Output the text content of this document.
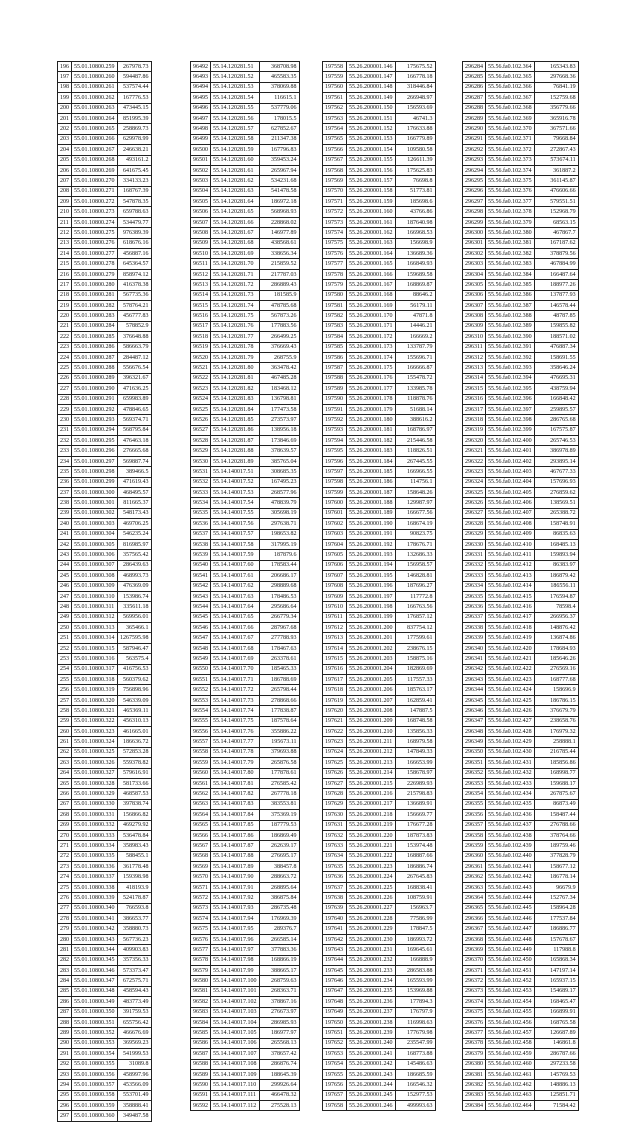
196	55.01.10800.259	267978.73
197	55.01.10800.260	594487.86
198	55.01.10800.261	537574.44
199	55.01.10800.262	167776.53
200	55.01.10800.263	473445.15
201	55.01.10800.264	851995.39
202	55.01.10800.265	258869.73
203	55.01.10800.266	629978.99
204	55.01.10800.267	246638.21
205	55.01.10800.268	493161.2
206	55.01.10800.269	641675.45
207	55.01.10800.270	334133.23
208	55.01.10800.271	168767.39
209	55.01.10800.272	547878.35
210	55.01.10800.273	659788.63
211	55.01.10800.274	534479.77
212	55.01.10800.275	976389.39
213	55.01.10800.276	618676.16
214	55.01.10800.277	456887.16
215	55.01.10800.278	645364.57
216	55.01.10800.279	858974.12
217	55.01.10800.280	416378.38
218	55.01.10800.281	567735.36
219	55.01.10800.282	578764.21
220	55.01.10800.283	456777.83
221	55.01.10800.284	578852.9
222	55.01.10800.285	376648.88
223	55.01.10800.286	586663.79
224	55.01.10800.287	284487.12
225	55.01.10800.288	556676.54
226	55.01.10800.289	396321.67
227	55.01.10800.290	471636.25
228	55.01.10800.291	659983.89
229	55.01.10800.292	478846.65
230	55.01.10800.293	569374.71
231	55.01.10800.294	568795.84
232	55.01.10800.295	476463.18
233	55.01.10800.296	276665.68
234	55.01.10800.297	569887.74
235	55.01.10800.298	389466.5
236	55.01.10800.299	471619.43
237	55.01.10800.300	468495.57
238	55.01.10800.301	811665.37
239	55.01.10800.302	548173.43
240	55.01.10800.303	469706.25
241	55.01.10800.304	546235.24
242	55.01.10800.305	816985.97
243	55.01.10800.306	357565.42
244	55.01.10800.307	286439.63
245	55.01.10800.308	468993.73
246	55.01.10800.309	476369.09
247	55.01.10800.310	153986.74
248	55.01.10800.311	335611.18
249	55.01.10800.312	569956.01
250	55.01.10800.313	365466.1
251	55.01.10800.314	1267595.98
252	55.01.10800.315	587946.47
253	55.01.10800.316	563575.4
254	55.01.10800.317	416756.53
255	55.01.10800.318	560379.62
256	55.01.10800.319	756898.96
257	55.01.10800.320	546339.09
258	55.01.10800.321	465369.11
259	55.01.10800.322	456310.13
260	55.01.10800.323	461665.01
261	55.01.10800.324	186636.72
262	55.01.10800.325	572853.28
263	55.01.10800.326	559378.82
264	55.01.10800.327	579616.91
265	55.01.10800.328	581733.66
266	55.01.10800.329	468587.53
267	55.01.10800.330	397838.74
268	55.01.10800.331	156866.82
269	55.01.10800.332	469279.92
270	55.01.10800.333	536478.84
271	55.01.10800.334	358983.43
272	55.01.10800.335	588455.1
273	55.01.10800.336	361778.48
274	55.01.10800.337	159398.98
275	55.01.10800.338	418193.9
276	55.01.10800.339	524178.87
277	55.01.10800.340	766593.8
278	55.01.10800.341	386653.77
279	55.01.10800.342	358880.73
280	55.01.10800.343	567736.23
281	55.01.10800.344	409903.83
282	55.01.10800.345	357356.33
283	55.01.10800.346	573373.47
284	55.01.10800.347	672575.71
285	55.01.10800.348	458594.43
286	55.01.10800.349	483773.49
287	55.01.10800.350	391759.53
288	55.01.10800.351	655756.42
289	55.01.10800.352	466676.69
290	55.01.10800.353	369569.23
291	55.01.10800.354	541999.53
292	55.01.10800.355	31089.8
293	55.01.10800.356	458997.96
294	55.01.10800.357	453566.09
295	55.01.10800.358	553701.49
296	55.01.10800.359	358888.41
297	55.01.10800.360	349487.58
96492	55.14.120281.51	368708.98
96493	55.14.120281.52	465583.35
96494	55.14.120281.53	378069.88
96495	55.14.120281.54	116615.1
96496	55.14.120281.55	537779.06
96497	55.14.120281.56	178015.5
96498	55.14.120281.57	627852.67
96499	55.14.120281.58	211347.38
96500	55.14.120281.59	167796.83
96501	55.14.120281.60	359453.24
96502	55.14.120281.61	265967.94
96503	55.14.120281.62	534231.68
96504	55.14.120281.63	541478.58
96505	55.14.120281.64	186972.18
96506	55.14.120281.65	568968.93
96507	55.14.120281.66	228868.02
96508	55.14.120281.67	146977.89
96509	55.14.120281.68	438568.61
96510	55.14.120281.69	338656.34
96511	55.14.120281.70	215859.52
96512	55.14.120281.71	217787.03
96513	55.14.120281.72	286889.43
96514	55.14.120281.73	181585.9
96515	55.14.120281.74	478785.68
96516	55.14.120281.75	567873.26
96517	55.14.120281.76	177883.56
96518	55.14.120281.77	266499.25
96519	55.14.120281.78	376669.43
96520	55.14.120281.79	268755.9
96521	55.14.120281.80	363478.42
96522	55.14.120281.81	467485.28
96523	55.14.120281.82	183468.12
96524	55.14.120281.83	136798.81
96525	55.14.120281.84	177473.58
96526	55.14.120281.85	273573.97
96527	55.14.120281.86	138956.18
96528	55.14.120281.87	173846.69
96529	55.14.120281.88	378639.57
96530	55.14.120281.89	385765.04
96531	55.14.140017.51	308685.35
96532	55.14.140017.52	167495.23
96533	55.14.140017.53	268577.96
96534	55.14.140017.54	478839.79
96535	55.14.140017.55	305698.19
96536	55.14.140017.56	297638.71
96537	55.14.140017.57	198653.82
96538	55.14.140017.58	317995.19
96539	55.14.140017.59	187879.6
96540	55.14.140017.60	178583.44
96541	55.14.140017.61	206686.17
96542	55.14.140017.62	298889.68
96543	55.14.140017.63	178486.53
96544	55.14.140017.64	295686.64
96545	55.14.140017.65	266779.34
96546	55.14.140017.66	287967.68
96547	55.14.140017.67	277788.93
96548	55.14.140017.68	178467.63
96549	55.14.140017.69	263378.61
96550	55.14.140017.70	185465.33
96551	55.14.140017.71	186788.69
96552	55.14.140017.72	265798.44
96553	55.14.140017.73	278868.66
96554	55.14.140017.74	177838.87
96555	55.14.140017.75	187578.64
96556	55.14.140017.76	355886.22
96557	55.14.140017.77	195673.11
96558	55.14.140017.78	379693.88
96559	55.14.140017.79	265876.58
96560	55.14.140017.80	177878.61
96561	55.14.140017.81	276585.42
96562	55.14.140017.82	267778.18
96563	55.14.140017.83	383553.81
96564	55.14.140017.84	375369.19
96565	55.14.140017.85	187779.53
96566	55.14.140017.86	186869.49
96567	55.14.140017.87	262639.17
96568	55.14.140017.88	276695.17
96569	55.14.140017.89	388457.8
96570	55.14.140017.90	288663.72
96571	55.14.140017.91	268895.64
96572	55.14.140017.92	386875.84
96573	55.14.140017.93	286735.48
96574	55.14.140017.94	176969.39
96575	55.14.140017.95	289376.7
96576	55.14.140017.96	266585.14
96577	55.14.140017.97	377883.36
96578	55.14.140017.98	168866.19
96579	55.14.140017.99	388665.17
96580	55.14.140017.100	268759.63
96581	55.14.140017.101	268363.71
96582	55.14.140017.102	378867.16
96583	55.14.140017.103	276673.97
96584	55.14.140017.104	286985.93
96585	55.14.140017.105	186977.97
96586	55.14.140017.106	265568.13
96587	55.14.140017.107	378657.42
96588	55.14.140017.108	286876.74
96589	55.14.140017.109	188645.39
96590	55.14.140017.110	299926.64
96591	55.14.140017.111	466478.32
96592	55.14.140017.112	275528.13
197558	55.26.200001.146	175675.52
197559	55.26.200001.147	166778.18
197560	55.26.200001.148	318446.84
197561	55.26.200001.149	266948.97
197562	55.26.200001.150	156593.69
197563	55.26.200001.151	46741.3
197564	55.26.200001.152	176633.88
197565	55.26.200001.153	166779.89
197566	55.26.200001.154	109580.58
197567	55.26.200001.155	126611.39
197568	55.26.200001.156	175625.83
197569	55.26.200001.157	76698.8
197570	55.26.200001.158	51773.81
197571	55.26.200001.159	185698.6
197572	55.26.200001.160	43766.86
197573	55.26.200001.161	187640.98
197574	55.26.200001.162	166968.53
197575	55.26.200001.163	156698.9
197576	55.26.200001.164	136689.36
197577	55.26.200001.165	166849.93
197578	55.26.200001.166	159689.58
197579	55.26.200001.167	168869.87
197580	55.26.200001.168	88646.2
197581	55.26.200001.169	56179.11
197582	55.26.200001.170	47871.8
197583	55.26.200001.171	14446.21
197584	55.26.200001.172	166669.2
197585	55.26.200001.173	133787.79
197586	55.26.200001.174	155696.71
197587	55.26.200001.175	166666.87
197588	55.26.200001.176	155478.72
197589	55.26.200001.177	133985.78
197590	55.26.200001.178	118878.76
197591	55.26.200001.179	51688.14
197592	55.26.200001.180	388616.2
197593	55.26.200001.181	168786.97
197594	55.26.200001.182	215446.58
197595	55.26.200001.183	118826.51
197596	55.26.200001.184	267445.55
197597	55.26.200001.185	166966.55
197598	55.26.200001.186	114756.1
197599	55.26.200001.187	158648.26
197600	55.26.200001.188	129987.97
197601	55.26.200001.189	166677.56
197602	55.26.200001.190	168674.19
197603	55.26.200001.191	90823.75
197604	55.26.200001.192	178676.71
197605	55.26.200001.193	132686.33
197606	55.26.200001.194	156958.57
197607	55.26.200001.195	146828.81
197608	55.26.200001.196	187696.27
197609	55.26.200001.197	117772.8
197610	55.26.200001.198	166763.56
197611	55.26.200001.199	176857.12
197612	55.26.200001.200	837754.12
197613	55.26.200001.201	177599.61
197614	55.26.200001.202	238676.15
197615	55.26.200001.203	158875.16
197616	55.26.200001.204	182869.69
197617	55.26.200001.205	117557.33
197618	55.26.200001.206	185763.17
197619	55.26.200001.207	162859.41
197620	55.26.200001.208	147887.5
197621	55.26.200001.209	168748.58
197622	55.26.200001.210	135856.33
197623	55.26.200001.211	168979.58
197624	55.26.200001.212	147849.33
197625	55.26.200001.213	166653.99
197626	55.26.200001.214	158678.97
197627	55.26.200001.215	226989.93
197628	55.26.200001.216	215798.83
197629	55.26.200001.217	136689.91
197630	55.26.200001.218	156669.77
197631	55.26.200001.219	176677.28
197632	55.26.200001.220	187873.83
197633	55.26.200001.221	153974.48
197634	55.26.200001.222	168887.66
197635	55.26.200001.223	186886.74
197636	55.26.200001.224	267645.83
197637	55.26.200001.225	168838.41
197638	55.26.200001.226	108759.91
197639	55.26.200001.227	156963.7
197640	55.26.200001.228	77586.99
197641	55.26.200001.229	178847.5
197642	55.26.200001.230	186993.72
197643	55.26.200001.231	169645.61
197644	55.26.200001.232	166888.9
197645	55.26.200001.233	286583.88
197646	55.26.200001.234	165593.99
197647	55.26.200001.235	153969.88
197648	55.26.200001.236	177894.3
197649	55.26.200001.237	176797.9
197650	55.26.200001.238	116998.63
197651	55.26.200001.239	177679.98
197652	55.26.200001.240	235547.99
197653	55.26.200001.241	168773.88
197654	55.26.200001.242	145486.63
197655	55.26.200001.243	186685.59
197656	55.26.200001.244	166546.32
197657	55.26.200001.245	152977.53
197658	55.26.200001.246	499993.63
296284	55.56.fa0.102.364	165343.83
296285	55.56.fa0.102.365	297668.36
296286	55.56.fa0.102.366	76841.19
296287	55.56.fa0.102.367	152759.68
296288	55.56.fa0.102.368	356779.66
296289	55.56.fa0.102.369	365916.78
296290	55.56.fa0.102.370	367571.66
296291	55.56.fa0.102.371	79668.84
296292	55.56.fa0.102.372	272867.43
296293	55.56.fa0.102.373	573674.11
296294	55.56.fa0.102.374	361887.2
296295	55.56.fa0.102.375	361145.87
296296	55.56.fa0.102.376	476606.66
296297	55.56.fa0.102.377	579551.51
296298	55.56.fa0.102.378	152968.79
296299	55.56.fa0.102.379	68563.15
296300	55.56.fa0.102.380	467867.7
296301	55.56.fa0.102.381	167187.62
296302	55.56.fa0.102.382	378879.56
296303	55.56.fa0.102.383	467884.99
296304	55.56.fa0.102.384	166487.64
296305	55.56.fa0.102.385	188977.26
296306	55.56.fa0.102.386	137877.93
296307	55.56.fa0.102.387	146578.44
296308	55.56.fa0.102.388	48787.85
296309	55.56.fa0.102.389	159855.82
296310	55.56.fa0.102.390	188571.02
296311	55.56.fa0.102.391	476887.34
296312	55.56.fa0.102.392	158691.55
296313	55.56.fa0.102.393	358646.24
296314	55.56.fa0.102.394	476695.31
296315	55.56.fa0.102.395	438759.94
296316	55.56.fa0.102.396	166848.42
296317	55.56.fa0.102.397	259895.57
296318	55.56.fa0.102.398	286765.68
296319	55.56.fa0.102.399	167575.87
296320	55.56.fa0.102.400	265746.53
296321	55.56.fa0.102.401	386978.89
296322	55.56.fa0.102.402	293895.14
296323	55.56.fa0.102.403	467677.33
296324	55.56.fa0.102.404	157696.93
296325	55.56.fa0.102.405	276859.62
296326	55.56.fa0.102.406	138569.51
296327	55.56.fa0.102.407	265388.72
296328	55.56.fa0.102.408	158748.91
296329	55.56.fa0.102.409	86835.63
296330	55.56.fa0.102.410	168485.13
296331	55.56.fa0.102.411	159893.94
296332	55.56.fa0.102.412	86383.97
296333	55.56.fa0.102.413	186879.42
296334	55.56.fa0.102.414	186556.11
296335	55.56.fa0.102.415	176594.87
296336	55.56.fa0.102.416	78598.4
296337	55.56.fa0.102.417	266956.37
296338	55.56.fa0.102.418	148876.42
296339	55.56.fa0.102.419	136874.86
296340	55.56.fa0.102.420	178684.93
296341	55.56.fa0.102.421	185646.26
296342	55.56.fa0.102.422	276569.16
296343	55.56.fa0.102.423	168777.68
296344	55.56.fa0.102.424	158696.9
296345	55.56.fa0.102.425	186786.15
296346	55.56.fa0.102.426	376679.79
296347	55.56.fa0.102.427	238658.76
296348	55.56.fa0.102.428	176979.32
296349	55.56.fa0.102.429	258888.1
296350	55.56.fa0.102.430	216785.44
296351	55.56.fa0.102.431	185856.86
296352	55.56.fa0.102.432	168998.77
296353	55.56.fa0.102.433	159688.17
296354	55.56.fa0.102.434	267875.67
296355	55.56.fa0.102.435	86873.49
296356	55.56.fa0.102.436	158487.44
296357	55.56.fa0.102.437	276788.66
296358	55.56.fa0.102.438	378764.66
296359	55.56.fa0.102.439	189759.46
296360	55.56.fa0.102.440	377828.79
296361	55.56.fa0.102.441	158677.12
296362	55.56.fa0.102.442	186778.14
296363	55.56.fa0.102.443	96679.9
296364	55.56.fa0.102.444	152767.34
296365	55.56.fa0.102.445	158964.28
296366	55.56.fa0.102.446	177537.84
296367	55.56.fa0.102.447	186886.77
296368	55.56.fa0.102.448	157678.67
296369	55.56.fa0.102.449	117988.8
296370	55.56.fa0.102.450	165868.34
296371	55.56.fa0.102.451	147197.14
296372	55.56.fa0.102.452	165937.15
296373	55.56.fa0.102.453	154689.17
296374	55.56.fa0.102.454	168465.47
296375	55.56.fa0.102.455	166899.91
296376	55.56.fa0.102.456	168765.58
296377	55.56.fa0.102.457	126687.89
296378	55.56.fa0.102.458	146861.8
296379	55.56.fa0.102.459	286787.66
296380	55.56.fa0.102.460	297233.58
296381	55.56.fa0.102.461	145769.53
296382	55.56.fa0.102.462	148886.13
296383	55.56.fa0.102.463	125851.71
296384	55.56.fa0.102.464	71584.42
